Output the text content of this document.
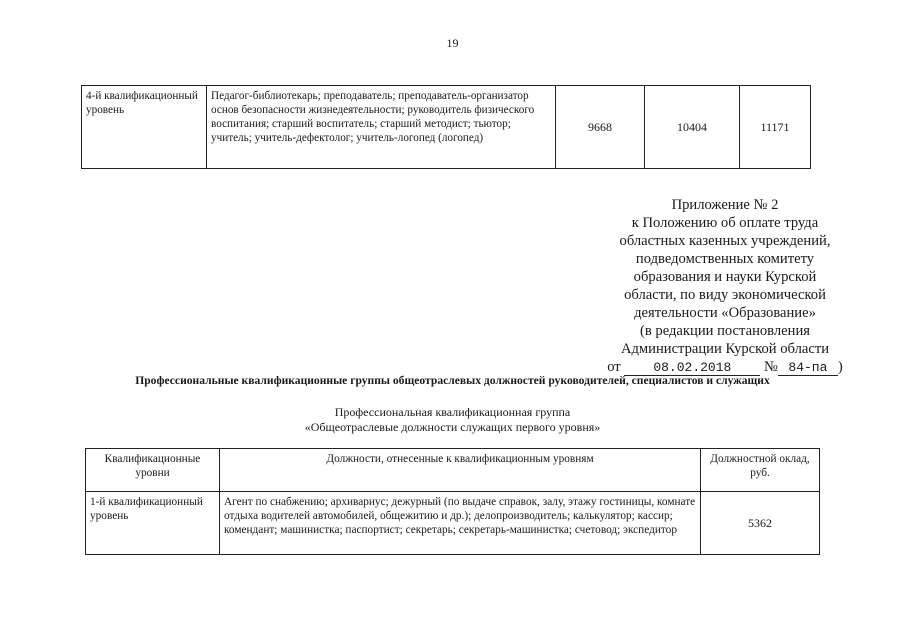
19
4-й квалификационный уровень	Педагог-библиотекарь; преподаватель; преподаватель-организатор основ безопасности жизнедеятельности; руководитель физического воспитания; старший воспитатель; старший методист; тьютор; учитель; учитель-дефектолог; учитель-логопед (логопед)	9668	10404	11171
Приложение № 2
к Положению об оплате труда
областных казенных учреждений,
подведомственных комитету
образования и науки Курской
области, по виду экономической
деятельности «Образование»
(в редакции постановления
Администрации Курской области
от	08.02.2018 № 84-па )
Профессиональные квалификационные группы общеотраслевых должностей руководителей, специалистов и служащих
Профессиональная квалификационная группа
«Общеотраслевые должности служащих первого уровня»
Квалификационные уровни	Должности, отнесенные к квалификационным уровням	Должностной оклад, руб.
1-й квалификационный уровень	Агент по снабжению; архивариус; дежурный (по выдаче справок, залу, этажу гостиницы, комнате отдыха водителей автомобилей, общежитию и др.); делопроизводитель; калькулятор; кассир; комендант; машинистка; паспортист; секретарь; секретарь-машинистка; счетовод; экспедитор	5362
